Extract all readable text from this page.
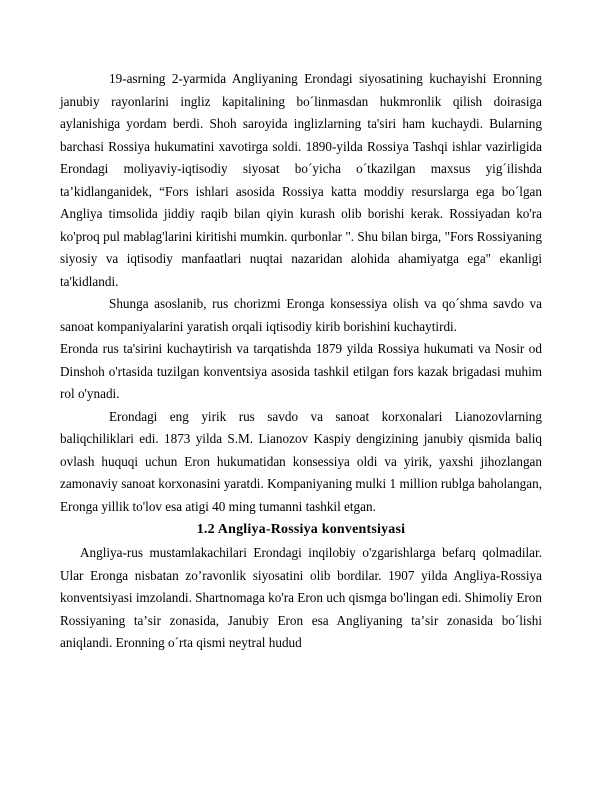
19-asrning 2-yarmida Angliyaning Erondagi siyosatining kuchayishi Eronning janubiy rayonlarini ingliz kapitalining bo´linmasdan hukmronlik qilish doirasiga aylanishiga yordam berdi. Shoh saroyida inglizlarning ta'siri ham kuchaydi. Bularning barchasi Rossiya hukumatini xavotirga soldi. 1890-yilda Rossiya Tashqi ishlar vazirligida Erondagi moliyaviy-iqtisodiy siyosat bo´yicha o´tkazilgan maxsus yig´ilishda taʼkidlanganidek, “Fors ishlari asosida Rossiya katta moddiy resurslarga ega bo´lgan Angliya timsolida jiddiy raqib bilan qiyin kurash olib borishi kerak. Rossiyadan ko'ra ko'proq pul mablag'larini kiritishi mumkin. qurbonlar ". Shu bilan birga, "Fors Rossiyaning siyosiy va iqtisodiy manfaatlari nuqtai nazaridan alohida ahamiyatga ega" ekanligi ta'kidlandi.

Shunga asoslanib, rus chorizmi Eronga konsessiya olish va qo´shma savdo va sanoat kompaniyalarini yaratish orqali iqtisodiy kirib borishini kuchaytirdi.

Eronda rus ta'sirini kuchaytirish va tarqatishda 1879 yilda Rossiya hukumati va Nosir od Dinshoh o'rtasida tuzilgan konventsiya asosida tashkil etilgan fors kazak brigadasi muhim rol o'ynadi.

Erondagi eng yirik rus savdo va sanoat korxonalari Lianozovlarning baliqchiliklari edi. 1873 yilda S.M. Lianozov Kaspiy dengizining janubiy qismida baliq ovlash huquqi uchun Eron hukumatidan konsessiya oldi va yirik, yaxshi jihozlangan zamonaviy sanoat korxonasini yaratdi. Kompaniyaning mulki 1 million rublga baholangan, Eronga yillik to'lov esa atigi 40 ming tumanni tashkil etgan.

1.2 Angliya-Rossiya konventsiyasi

Angliya-rus mustamlakachilari Erondagi inqilobiy o'zgarishlarga befarq qolmadilar. Ular Eronga nisbatan zo’ravonlik siyosatini olib bordilar. 1907 yilda Angliya-Rossiya konventsiyasi imzolandi. Shartnomaga ko'ra Eron uch qismga bo'lingan edi. Shimoliy Eron Rossiyaning taʼsir zonasida, Janubiy Eron esa Angliyaning taʼsir zonasida bo´lishi aniqlandi. Eronning o´rta qismi neytral hudud
